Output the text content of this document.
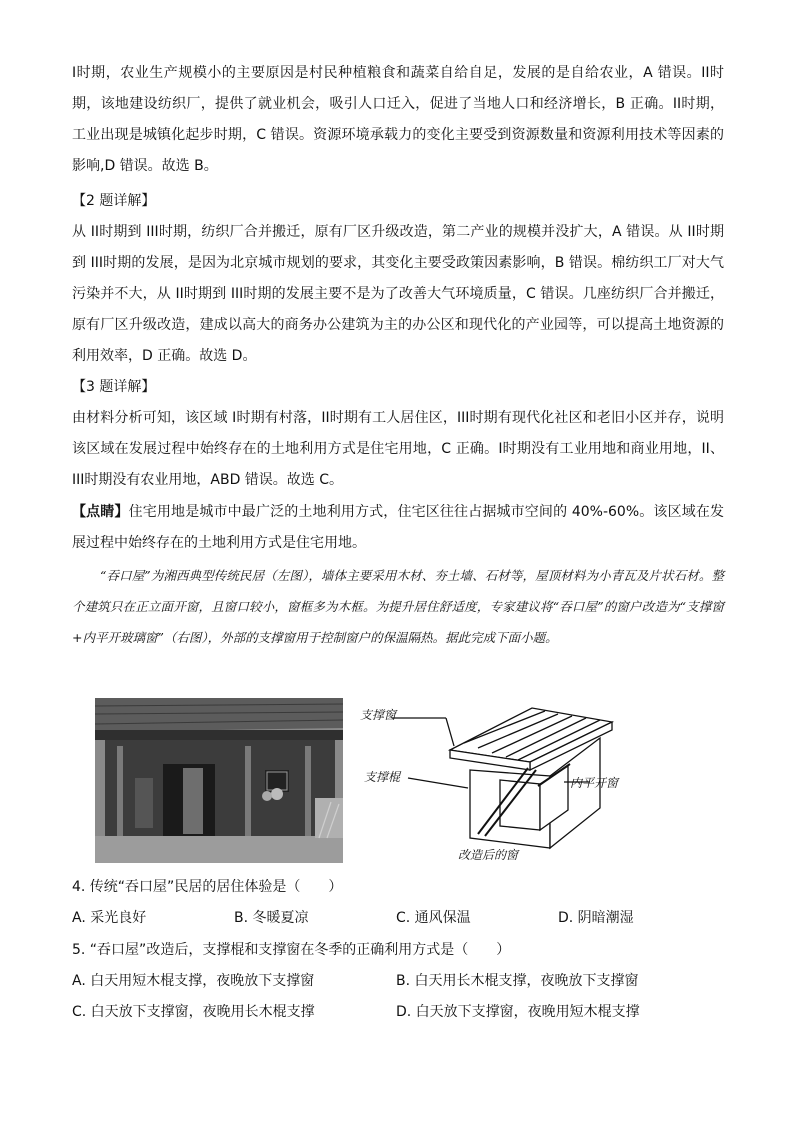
I时期，农业生产规模小的主要原因是村民种植粮食和蔬菜自给自足，发展的是自给农业，A 错误。II时期，该地建设纺织厂，提供了就业机会，吸引人口迁入，促进了当地人口和经济增长，B 正确。II时期，工业出现是城镇化起步时期，C 错误。资源环境承载力的变化主要受到资源数量和资源利用技术等因素的影响,D 错误。故选 B。

【2 题详解】

从 II时期到 III时期，纺织厂合并搬迁，原有厂区升级改造，第二产业的规模并没扩大，A 错误。从 II时期到 III时期的发展，是因为北京城市规划的要求，其变化主要受政策因素影响，B 错误。棉纺织工厂对大气污染并不大，从 II时期到 III时期的发展主要不是为了改善大气环境质量，C 错误。几座纺织厂合并搬迁，原有厂区升级改造，建成以高大的商务办公建筑为主的办公区和现代化的产业园等，可以提高土地资源的利用效率，D 正确。故选 D。

【3 题详解】

由材料分析可知，该区域 I时期有村落，II时期有工人居住区，III时期有现代化社区和老旧小区并存，说明该区域在发展过程中始终存在的土地利用方式是住宅用地，C 正确。I时期没有工业用地和商业用地，II、III时期没有农业用地，ABD 错误。故选 C。

【点睛】住宅用地是城市中最广泛的土地利用方式，住宅区往往占据城市空间的 40%-60%。该区域在发展过程中始终存在的土地利用方式是住宅用地。

“吞口屋”为湘西典型传统民居（左图），墙体主要采用木材、夯土墙、石材等，屋顶材料为小青瓦及片状石材。整个建筑只在正立面开窗，且窗口较小，窗框多为木框。为提升居住舒适度，专家建议将“吞口屋”的窗户改造为“支撑窗+内平开玻璃窗”（右图），外部的支撑窗用于控制窗户的保温隔热。据此完成下面小题。

支撑窗
支撑棍	内平开窗
改造后的窗

4. 传统“吞口屋”民居的居住体验是（　　）

A. 采光良好	B. 冬暖夏凉	C. 通风保温	D. 阴暗潮湿

5. “吞口屋”改造后，支撑棍和支撑窗在冬季的正确利用方式是（　　）

A. 白天用短木棍支撑，夜晚放下支撑窗	B. 白天用长木棍支撑，夜晚放下支撑窗

C. 白天放下支撑窗，夜晚用长木棍支撑	D. 白天放下支撑窗，夜晚用短木棍支撑
